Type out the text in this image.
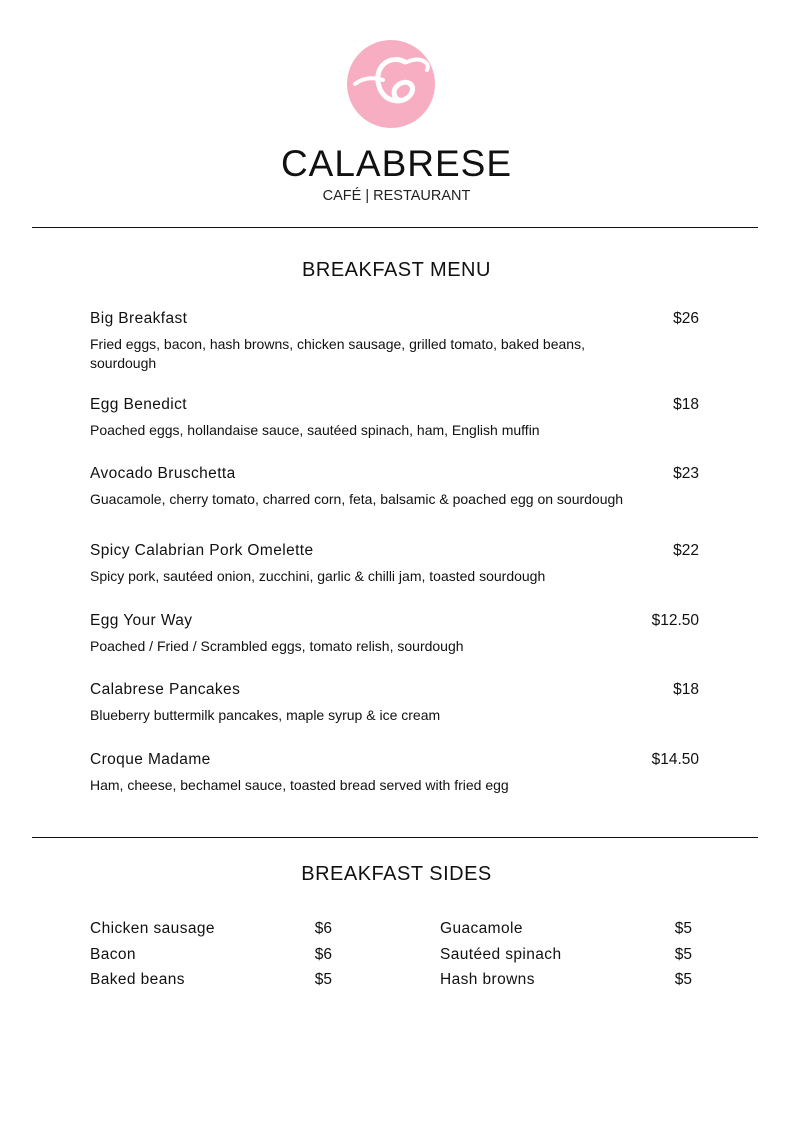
CALABRESE
CAFÉ | RESTAURANT
BREAKFAST MENU
Big Breakfast	$26
Fried eggs, bacon, hash browns, chicken sausage, grilled tomato, baked beans, sourdough
Egg Benedict	$18
Poached eggs, hollandaise sauce, sautéed spinach, ham, English muffin
Avocado Bruschetta	$23
Guacamole, cherry tomato, charred corn, feta, balsamic & poached egg on sourdough
Spicy Calabrian Pork Omelette	$22
Spicy pork, sautéed onion, zucchini, garlic & chilli jam, toasted sourdough
Egg Your Way	$12.50
Poached / Fried / Scrambled eggs, tomato relish, sourdough
Calabrese Pancakes	$18
Blueberry buttermilk pancakes, maple syrup & ice cream
Croque Madame	$14.50
Ham, cheese, bechamel sauce, toasted bread served with fried egg
BREAKFAST SIDES
Chicken sausage	$6
Bacon	$6
Baked beans	$5
Guacamole	$5
Sautéed spinach	$5
Hash browns	$5
